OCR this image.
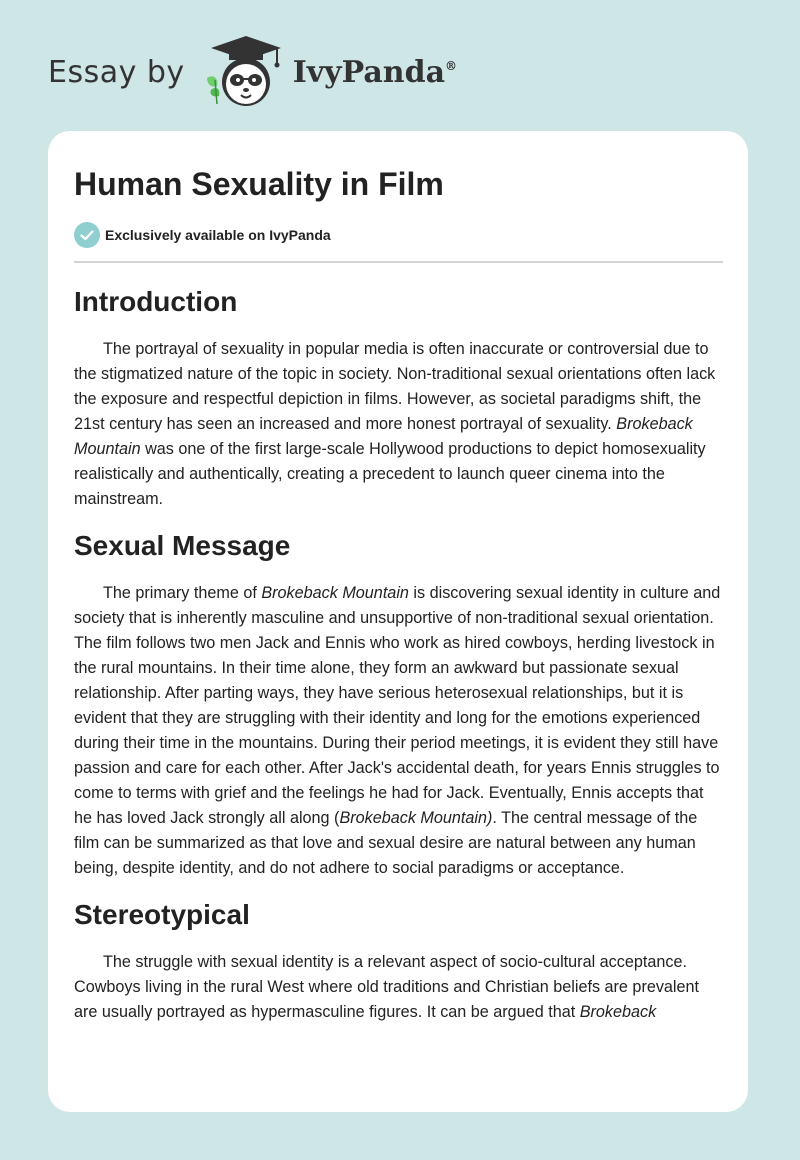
Essay by	IvyPanda®
Human Sexuality in Film
Exclusively available on IvyPanda
Introduction

The portrayal of sexuality in popular media is often inaccurate or controversial due to the stigmatized nature of the topic in society. Non-traditional sexual orientations often lack the exposure and respectful depiction in films. However, as societal paradigms shift, the 21st century has seen an increased and more honest portrayal of sexuality. Brokeback Mountain was one of the first large-scale Hollywood productions to depict homosexuality realistically and authentically, creating a precedent to launch queer cinema into the mainstream.

Sexual Message

The primary theme of Brokeback Mountain is discovering sexual identity in culture and society that is inherently masculine and unsupportive of non-traditional sexual orientation. The film follows two men Jack and Ennis who work as hired cowboys, herding livestock in the rural mountains. In their time alone, they form an awkward but passionate sexual relationship. After parting ways, they have serious heterosexual relationships, but it is evident that they are struggling with their identity and long for the emotions experienced during their time in the mountains. During their period meetings, it is evident they still have passion and care for each other. After Jack's accidental death, for years Ennis struggles to come to terms with grief and the feelings he had for Jack. Eventually, Ennis accepts that he has loved Jack strongly all along (Brokeback Mountain). The central message of the film can be summarized as that love and sexual desire are natural between any human being, despite identity, and do not adhere to social paradigms or acceptance.

Stereotypical

The struggle with sexual identity is a relevant aspect of socio-cultural acceptance. Cowboys living in the rural West where old traditions and Christian beliefs are prevalent are usually portrayed as hypermasculine figures. It can be argued that Brokeback
